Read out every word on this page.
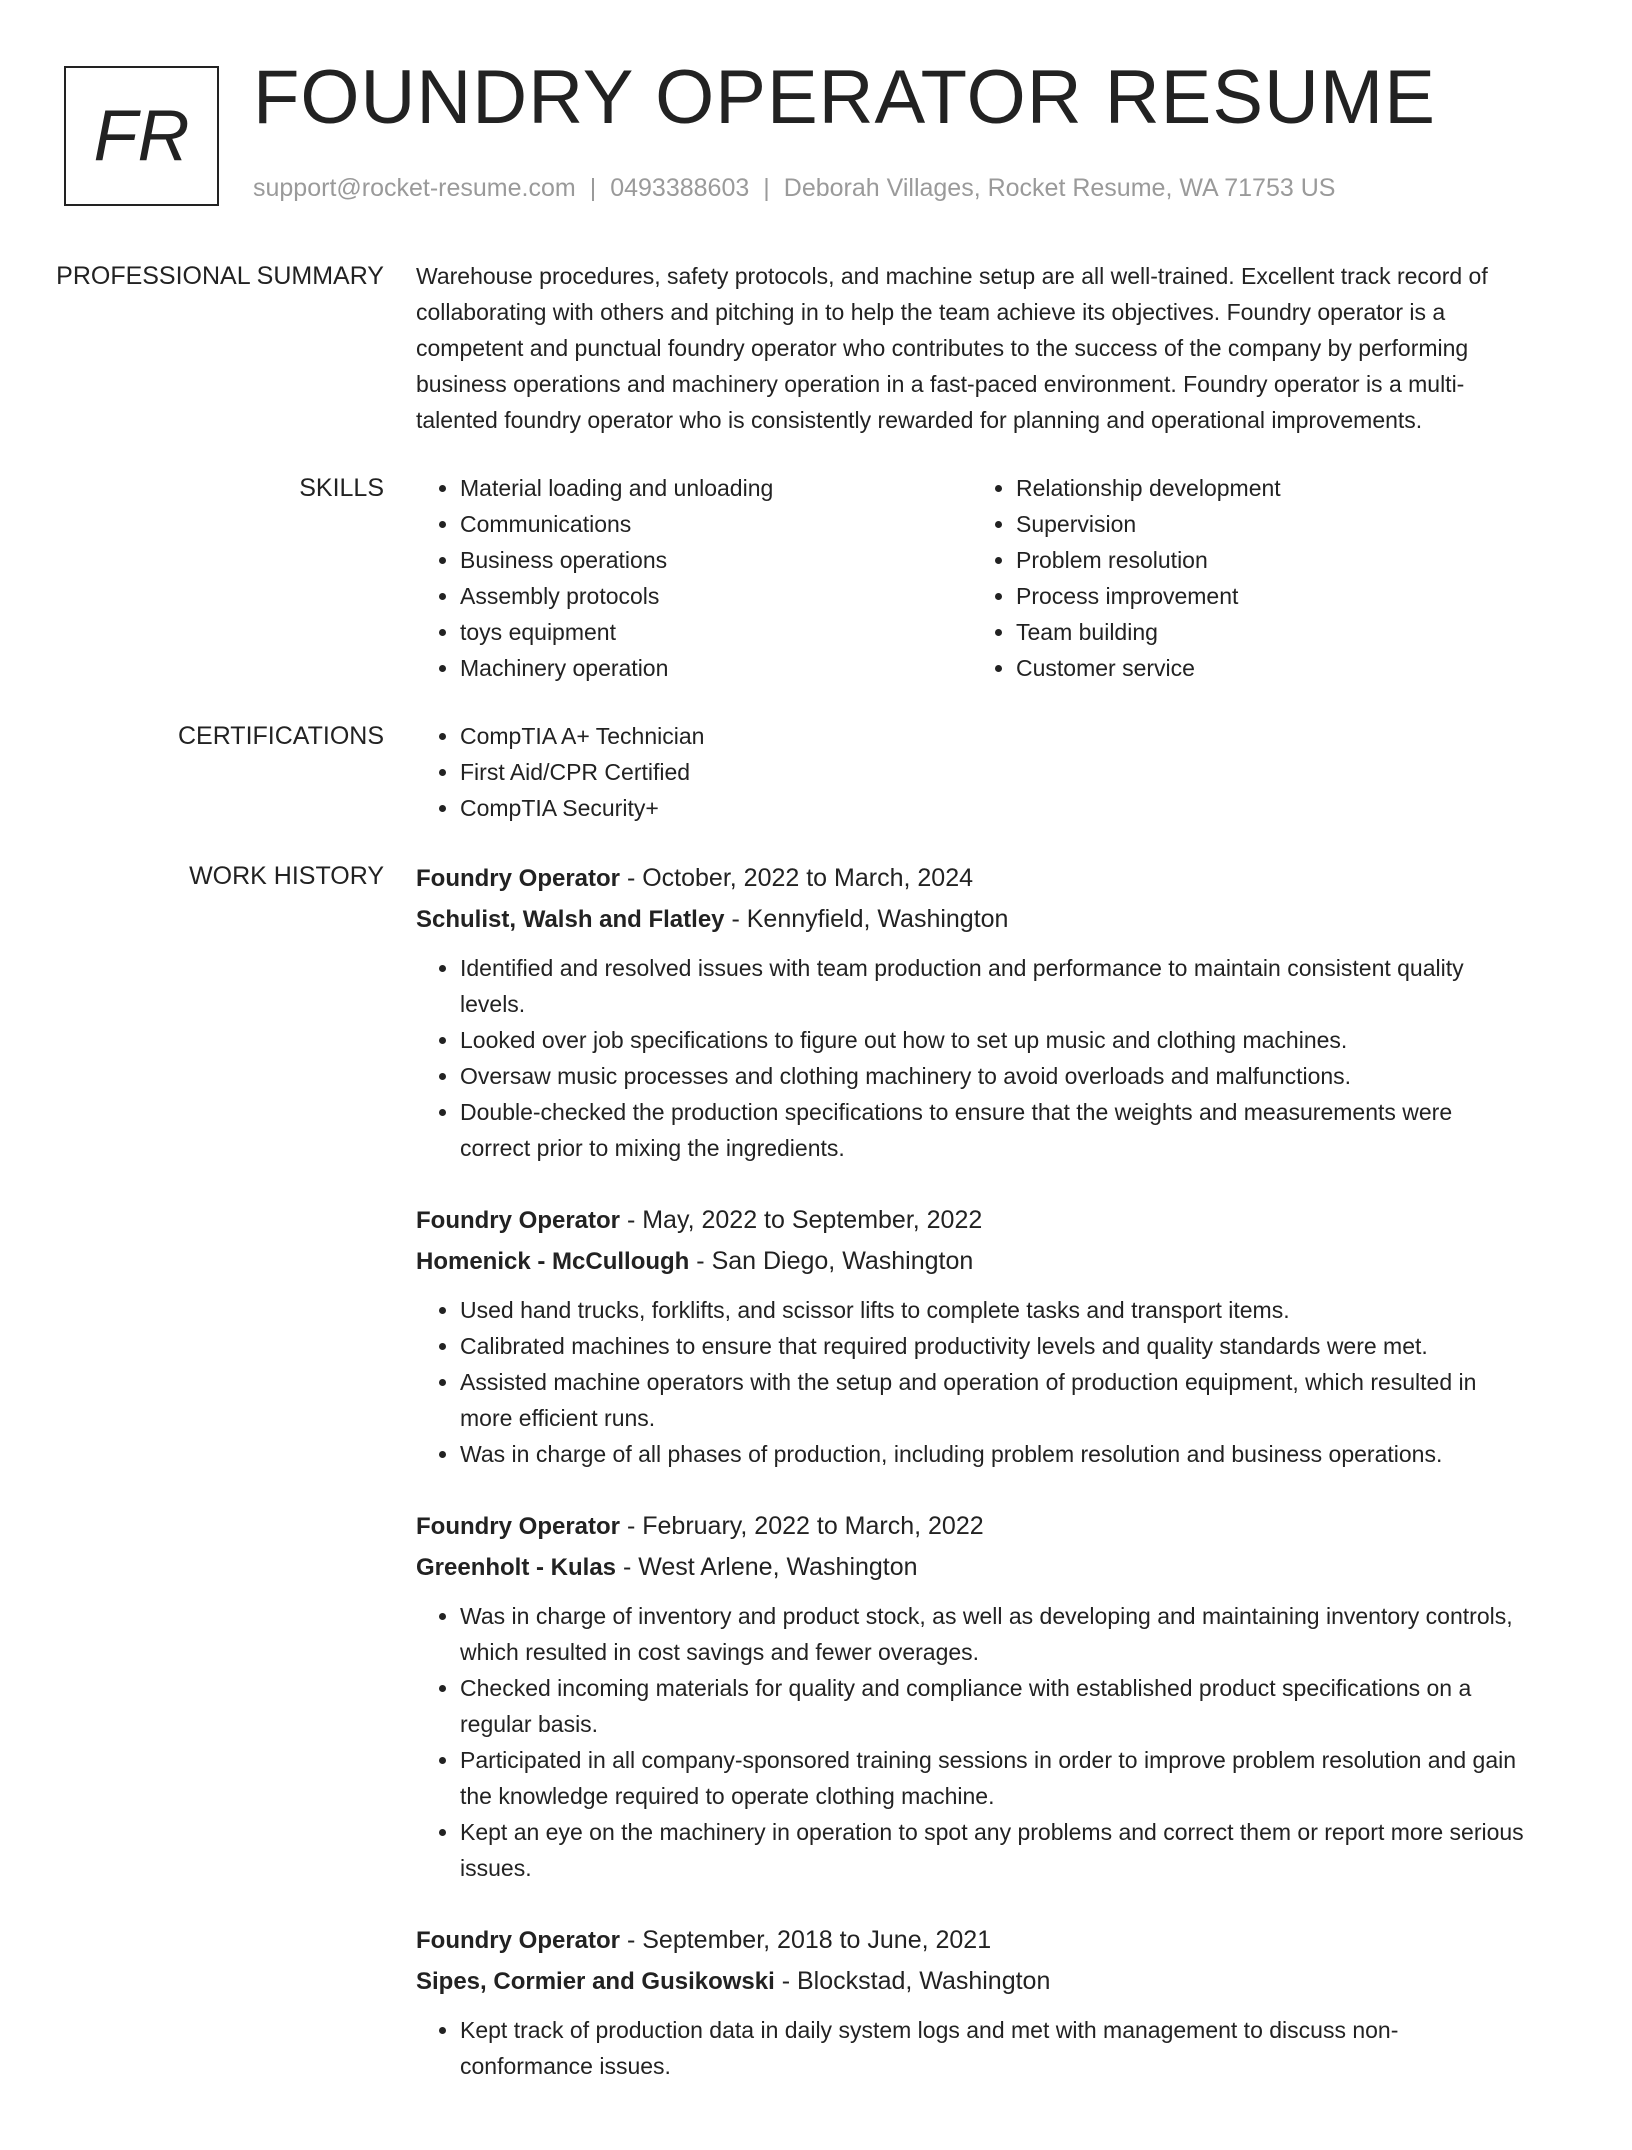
FR FOUNDRY OPERATOR RESUME
support@rocket-resume.com | 0493388603 | Deborah Villages, Rocket Resume, WA 71753 US
PROFESSIONAL SUMMARY	Warehouse procedures, safety protocols, and machine setup are all well-trained. Excellent track record of collaborating with others and pitching in to help the team achieve its objectives. Foundry operator is a competent and punctual foundry operator who contributes to the success of the company by performing business operations and machinery operation in a fast-paced environment. Foundry operator is a multi-talented foundry operator who is consistently rewarded for planning and operational improvements.
SKILLS	• Material loading and unloading
• Communications
• Business operations
• Assembly protocols
• toys equipment
• Machinery operation
• Relationship development
• Supervision
• Problem resolution
• Process improvement
• Team building
• Customer service
CERTIFICATIONS	• CompTIA A+ Technician
• First Aid/CPR Certified
• CompTIA Security+
WORK HISTORY	Foundry Operator - October, 2022 to March, 2024
Schulist, Walsh and Flatley - Kennyfield, Washington
• Identified and resolved issues with team production and performance to maintain consistent quality levels.
• Looked over job specifications to figure out how to set up music and clothing machines.
• Oversaw music processes and clothing machinery to avoid overloads and malfunctions.
• Double-checked the production specifications to ensure that the weights and measurements were correct prior to mixing the ingredients.
Foundry Operator - May, 2022 to September, 2022
Homenick - McCullough - San Diego, Washington
• Used hand trucks, forklifts, and scissor lifts to complete tasks and transport items.
• Calibrated machines to ensure that required productivity levels and quality standards were met.
• Assisted machine operators with the setup and operation of production equipment, which resulted in more efficient runs.
• Was in charge of all phases of production, including problem resolution and business operations.
Foundry Operator - February, 2022 to March, 2022
Greenholt - Kulas - West Arlene, Washington
• Was in charge of inventory and product stock, as well as developing and maintaining inventory controls, which resulted in cost savings and fewer overages.
• Checked incoming materials for quality and compliance with established product specifications on a regular basis.
• Participated in all company-sponsored training sessions in order to improve problem resolution and gain the knowledge required to operate clothing machine.
• Kept an eye on the machinery in operation to spot any problems and correct them or report more serious issues.
Foundry Operator - September, 2018 to June, 2021
Sipes, Cormier and Gusikowski - Blockstad, Washington
• Kept track of production data in daily system logs and met with management to discuss non-conformance issues.
